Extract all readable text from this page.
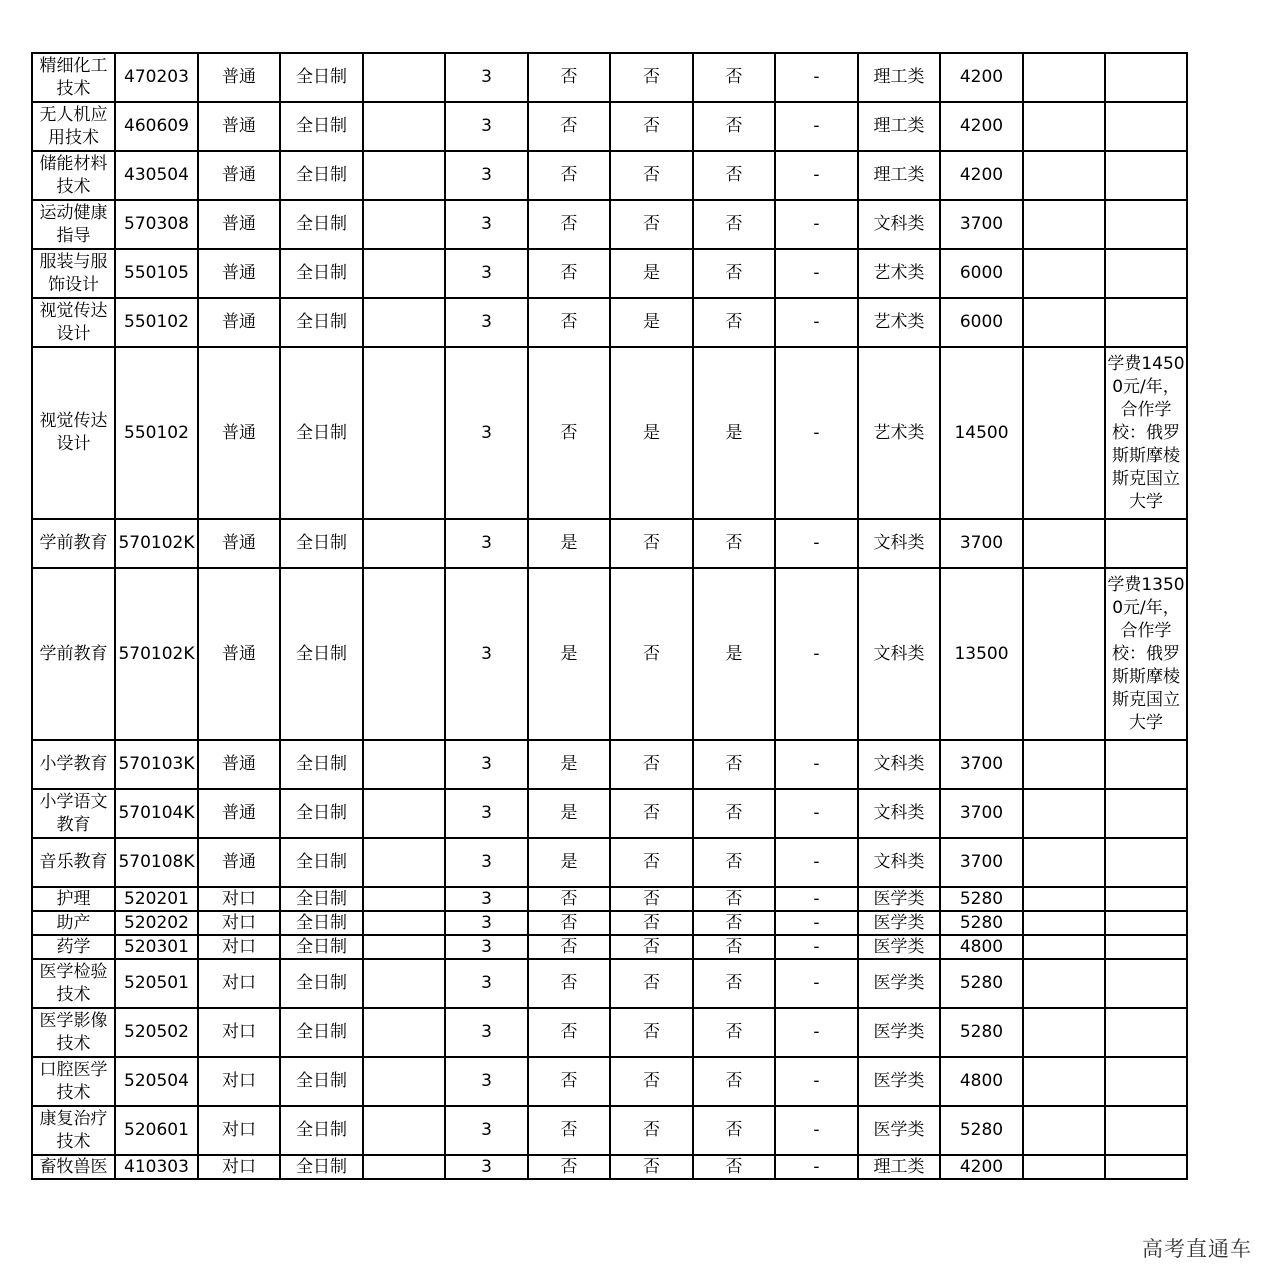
精细化工技术	470203	普通	全日制		3	否	否	否	-	理工类	4200		
无人机应用技术	460609	普通	全日制		3	否	否	否	-	理工类	4200		
储能材料技术	430504	普通	全日制		3	否	否	否	-	理工类	4200		
运动健康指导	570308	普通	全日制		3	否	否	否	-	文科类	3700		
服装与服饰设计	550105	普通	全日制		3	否	是	否	-	艺术类	6000		
视觉传达设计	550102	普通	全日制		3	否	是	否	-	艺术类	6000		
视觉传达设计	550102	普通	全日制		3	否	是	是	-	艺术类	14500		学费14500元/年，合作学校：俄罗斯斯摩棱斯克国立大学
学前教育	570102K	普通	全日制		3	是	否	否	-	文科类	3700		
学前教育	570102K	普通	全日制		3	是	否	是	-	文科类	13500		学费13500元/年，合作学校：俄罗斯斯摩棱斯克国立大学
小学教育	570103K	普通	全日制		3	是	否	否	-	文科类	3700		
小学语文教育	570104K	普通	全日制		3	是	否	否	-	文科类	3700		
音乐教育	570108K	普通	全日制		3	是	否	否	-	文科类	3700		
护理	520201	对口	全日制		3	否	否	否	-	医学类	5280		
助产	520202	对口	全日制		3	否	否	否	-	医学类	5280		
药学	520301	对口	全日制		3	否	否	否	-	医学类	4800		
医学检验技术	520501	对口	全日制		3	否	否	否	-	医学类	5280		
医学影像技术	520502	对口	全日制		3	否	否	否	-	医学类	5280		
口腔医学技术	520504	对口	全日制		3	否	否	否	-	医学类	4800		
康复治疗技术	520601	对口	全日制		3	否	否	否	-	医学类	5280		
畜牧兽医	410303	对口	全日制		3	否	否	否	-	理工类	4200		
高考直通车
